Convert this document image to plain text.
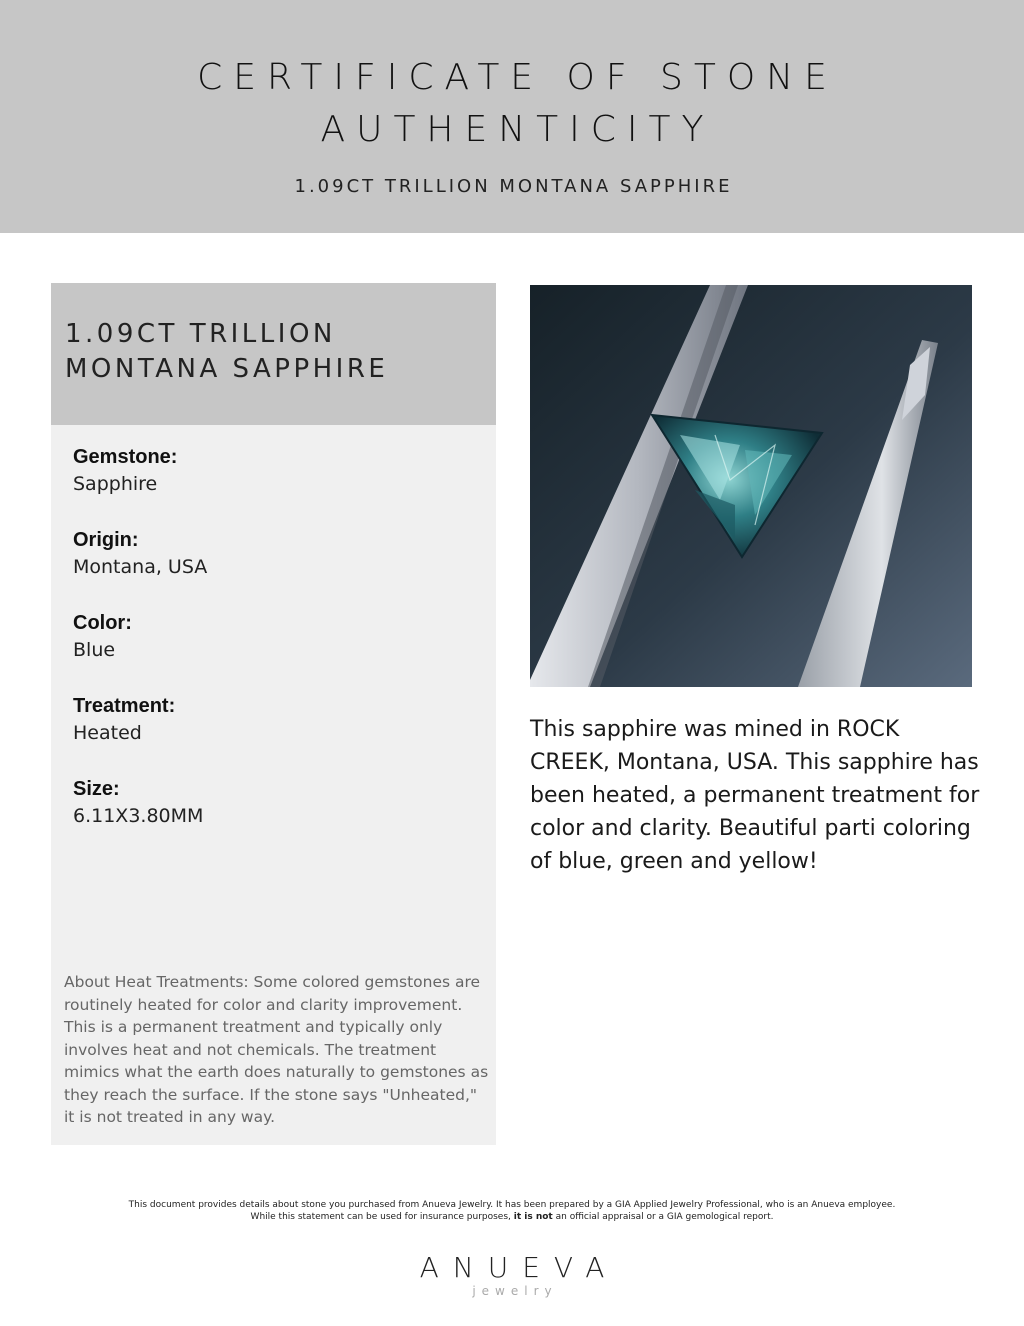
CERTIFICATE OF STONE AUTHENTICITY
1.09CT TRILLION MONTANA SAPPHIRE
1.09CT TRILLION MONTANA SAPPHIRE
Gemstone:
Sapphire
Origin:
Montana, USA
Color:
Blue
Treatment:
Heated
Size:
6.11X3.80MM
About Heat Treatments: Some colored gemstones are routinely heated for color and clarity improvement. This is a permanent treatment and typically only involves heat and not chemicals. The treatment mimics what the earth does naturally to gemstones as they reach the surface. If the stone says "Unheated," it is not treated in any way.
This sapphire was mined in ROCK CREEK, Montana, USA. This sapphire has been heated, a permanent treatment for color and clarity. Beautiful parti coloring of blue, green and yellow!
This document provides details about stone you purchased from Anueva Jewelry. It has been prepared by a GIA Applied Jewelry Professional, who is an Anueva employee.
While this statement can be used for insurance purposes, it is not an official appraisal or a GIA gemological report.
ANUEVA
jewelry
